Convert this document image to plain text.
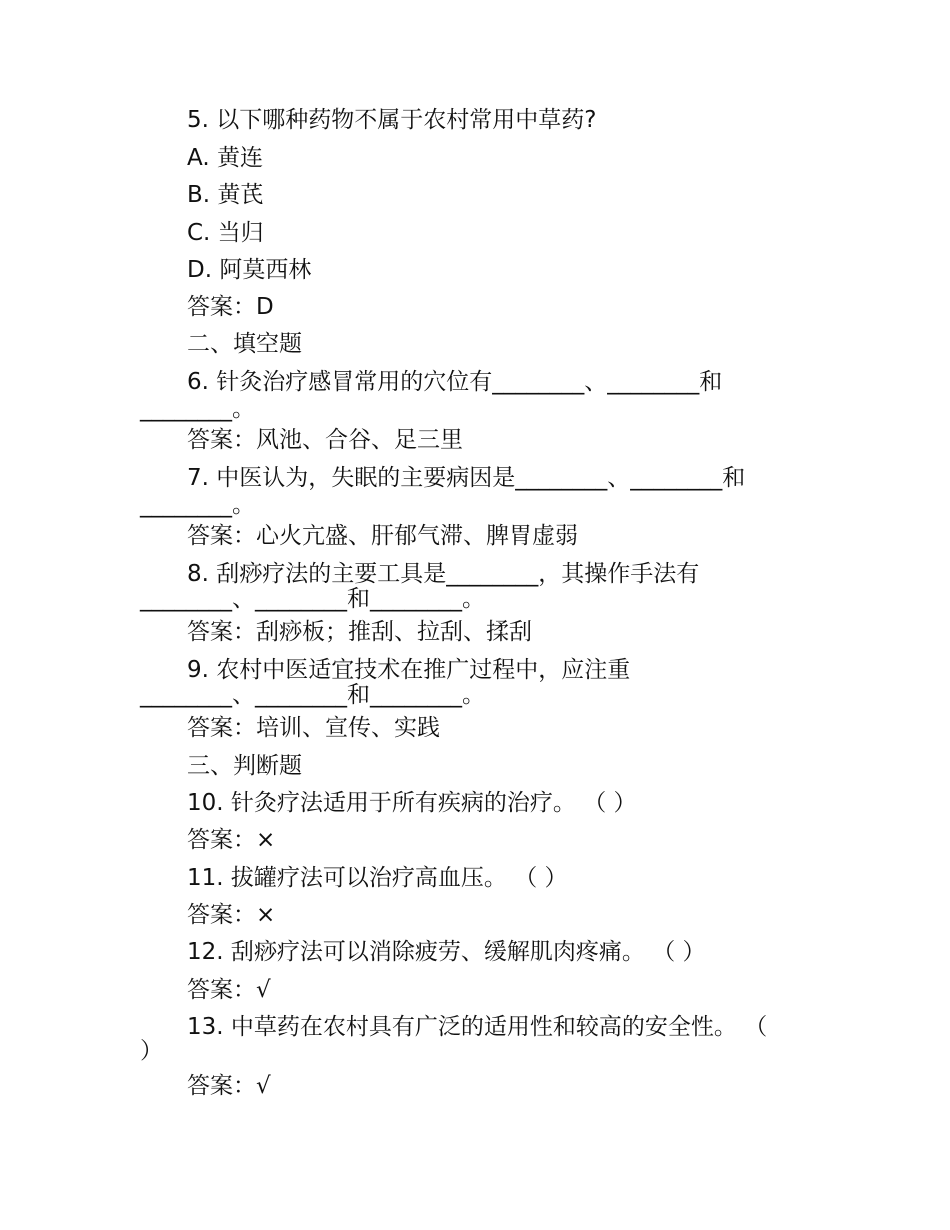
5. 以下哪种药物不属于农村常用中草药?
A. 黄连
B. 黄芪
C. 当归
D. 阿莫西林
答案：D
二、填空题
6. 针灸治疗感冒常用的穴位有________、________和
________。
答案：风池、合谷、足三里
7. 中医认为，失眠的主要病因是________、________和
________。
答案：心火亢盛、肝郁气滞、脾胃虚弱
8. 刮痧疗法的主要工具是________，其操作手法有
________、________和________。
答案：刮痧板；推刮、拉刮、揉刮
9. 农村中医适宜技术在推广过程中，应注重
________、________和________。
答案：培训、宣传、实践
三、判断题
10. 针灸疗法适用于所有疾病的治疗。 （ ）
答案：×
11. 拔罐疗法可以治疗高血压。 （ ）
答案：×
12. 刮痧疗法可以消除疲劳、缓解肌肉疼痛。 （ ）
答案：√
13. 中草药在农村具有广泛的适用性和较高的安全性。 （
）
答案：√
